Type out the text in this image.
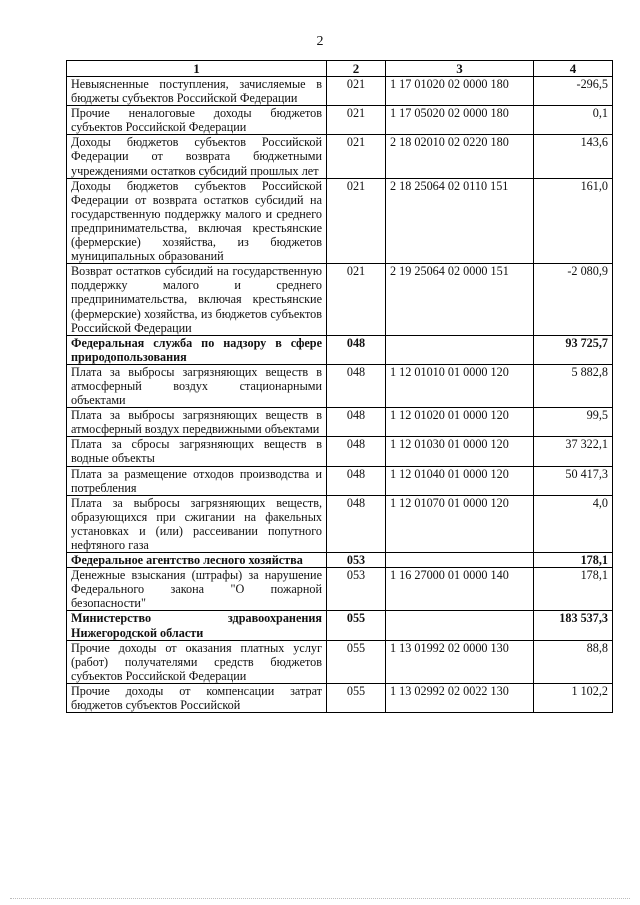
2
1	2	3	4
Невыясненные поступления, зачисляемые в бюджеты субъектов Российской Федерации	021	1 17 01020 02 0000 180	-296,5
Прочие неналоговые доходы бюджетов субъектов Российской Федерации	021	1 17 05020 02 0000 180	0,1
Доходы бюджетов субъектов Российской Федерации от возврата бюджетными учреждениями остатков субсидий прошлых лет	021	2 18 02010 02 0220 180	143,6
Доходы бюджетов субъектов Российской Федерации от возврата остатков субсидий на государственную поддержку малого и среднего предпринимательства, включая крестьянские (фермерские) хозяйства, из бюджетов муниципальных образований	021	2 18 25064 02 0110 151	161,0
Возврат остатков субсидий на государственную поддержку малого и среднего предпринимательства, включая крестьянские (фермерские) хозяйства, из бюджетов субъектов Российской Федерации	021	2 19 25064 02 0000 151	-2 080,9
Федеральная служба по надзору в сфере природопользования	048		93 725,7
Плата за выбросы загрязняющих веществ в атмосферный воздух стационарными объектами	048	1 12 01010 01 0000 120	5 882,8
Плата за выбросы загрязняющих веществ в атмосферный воздух передвижными объектами	048	1 12 01020 01 0000 120	99,5
Плата за сбросы загрязняющих веществ в водные объекты	048	1 12 01030 01 0000 120	37 322,1
Плата за размещение отходов производства и потребления	048	1 12 01040 01 0000 120	50 417,3
Плата за выбросы загрязняющих веществ, образующихся при сжигании на факельных установках и (или) рассеивании попутного нефтяного газа	048	1 12 01070 01 0000 120	4,0
Федеральное агентство лесного хозяйства	053		178,1
Денежные взыскания (штрафы) за нарушение Федерального закона "О пожарной безопасности"	053	1 16 27000 01 0000 140	178,1
Министерство здравоохранения Нижегородской области	055		183 537,3
Прочие доходы от оказания платных услуг (работ) получателями средств бюджетов субъектов Российской Федерации	055	1 13 01992 02 0000 130	88,8
Прочие доходы от компенсации затрат бюджетов субъектов Российской	055	1 13 02992 02 0022 130	1 102,2
